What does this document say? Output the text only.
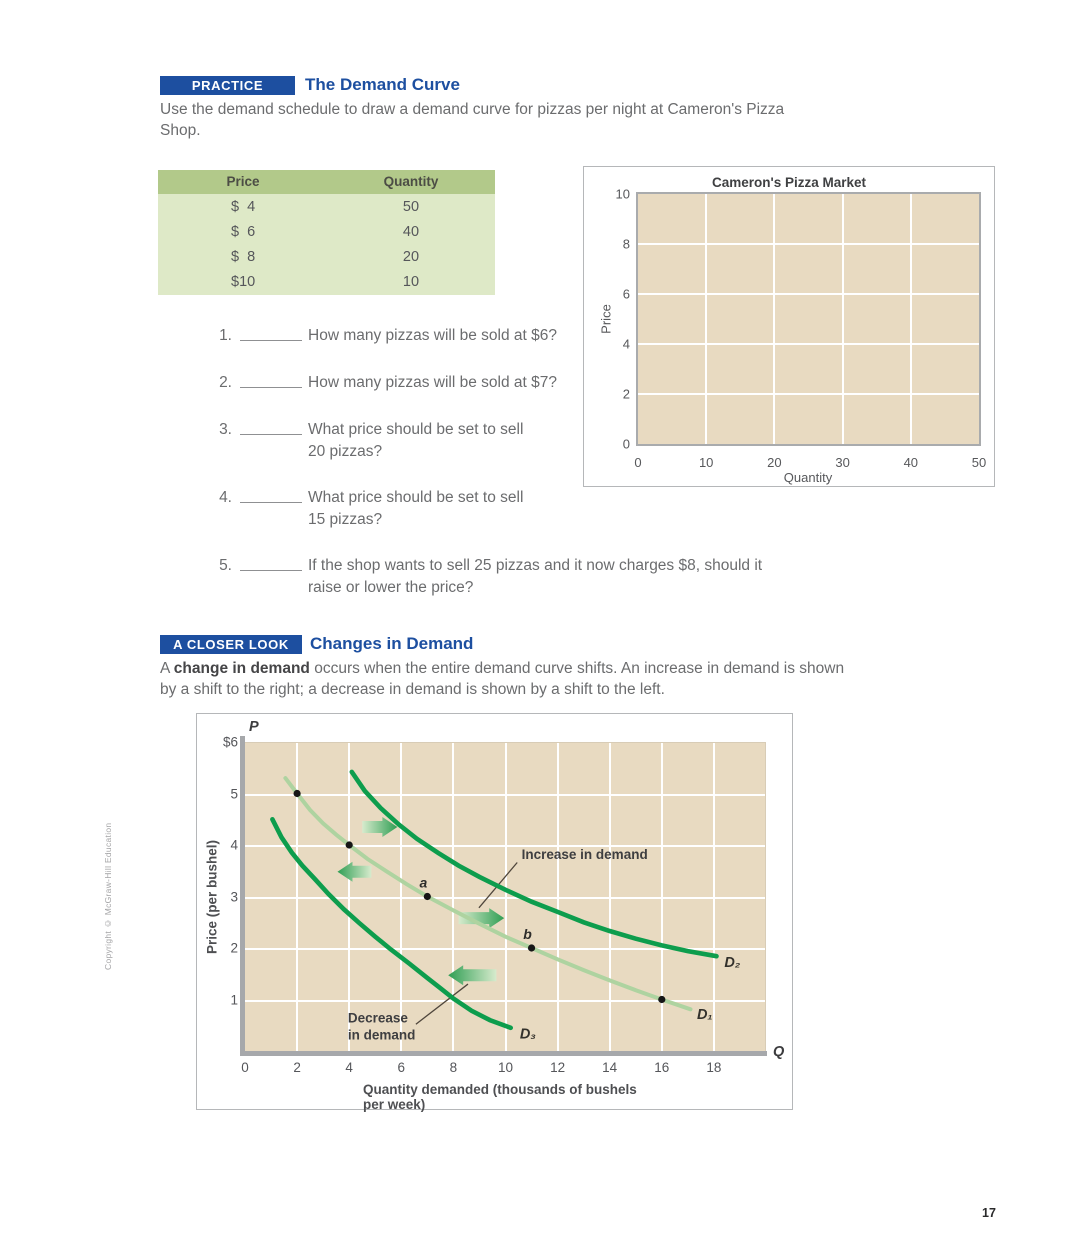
PRACTICE The Demand Curve
Use the demand schedule to draw a demand curve for pizzas per night at Cameron's Pizza Shop.
Price	Quantity
$  4	50
$  6	40
$  8	20
$10	10
Cameron's Pizza Market
0	10	20	30	40	50
0
2
4
6
8
10
Price
Quantity
1.	How many pizzas will be sold at $6?
2.	How many pizzas will be sold at $7?
3.	What price should be set to sell
20 pizzas?
4.	What price should be set to sell
15 pizzas?
5.	If the shop wants to sell 25 pizzas and it now charges $8, should it
raise or lower the price?
A CLOSER LOOK Changes in Demand
A change in demand occurs when the entire demand curve shifts. An increase in demand is shown by a shift to the right; a decrease in demand is shown by a shift to the left.
P
Q
0	2	4	6	8	10	12	14	16	18
$6
5
4
3
2
1
D₁
D₂
D₃
a
b
Increase in demand
Decrease
in demand
Quantity demanded (thousands of bushels per week)
Price (per bushel)
Copyright © McGraw-Hill Education
17
